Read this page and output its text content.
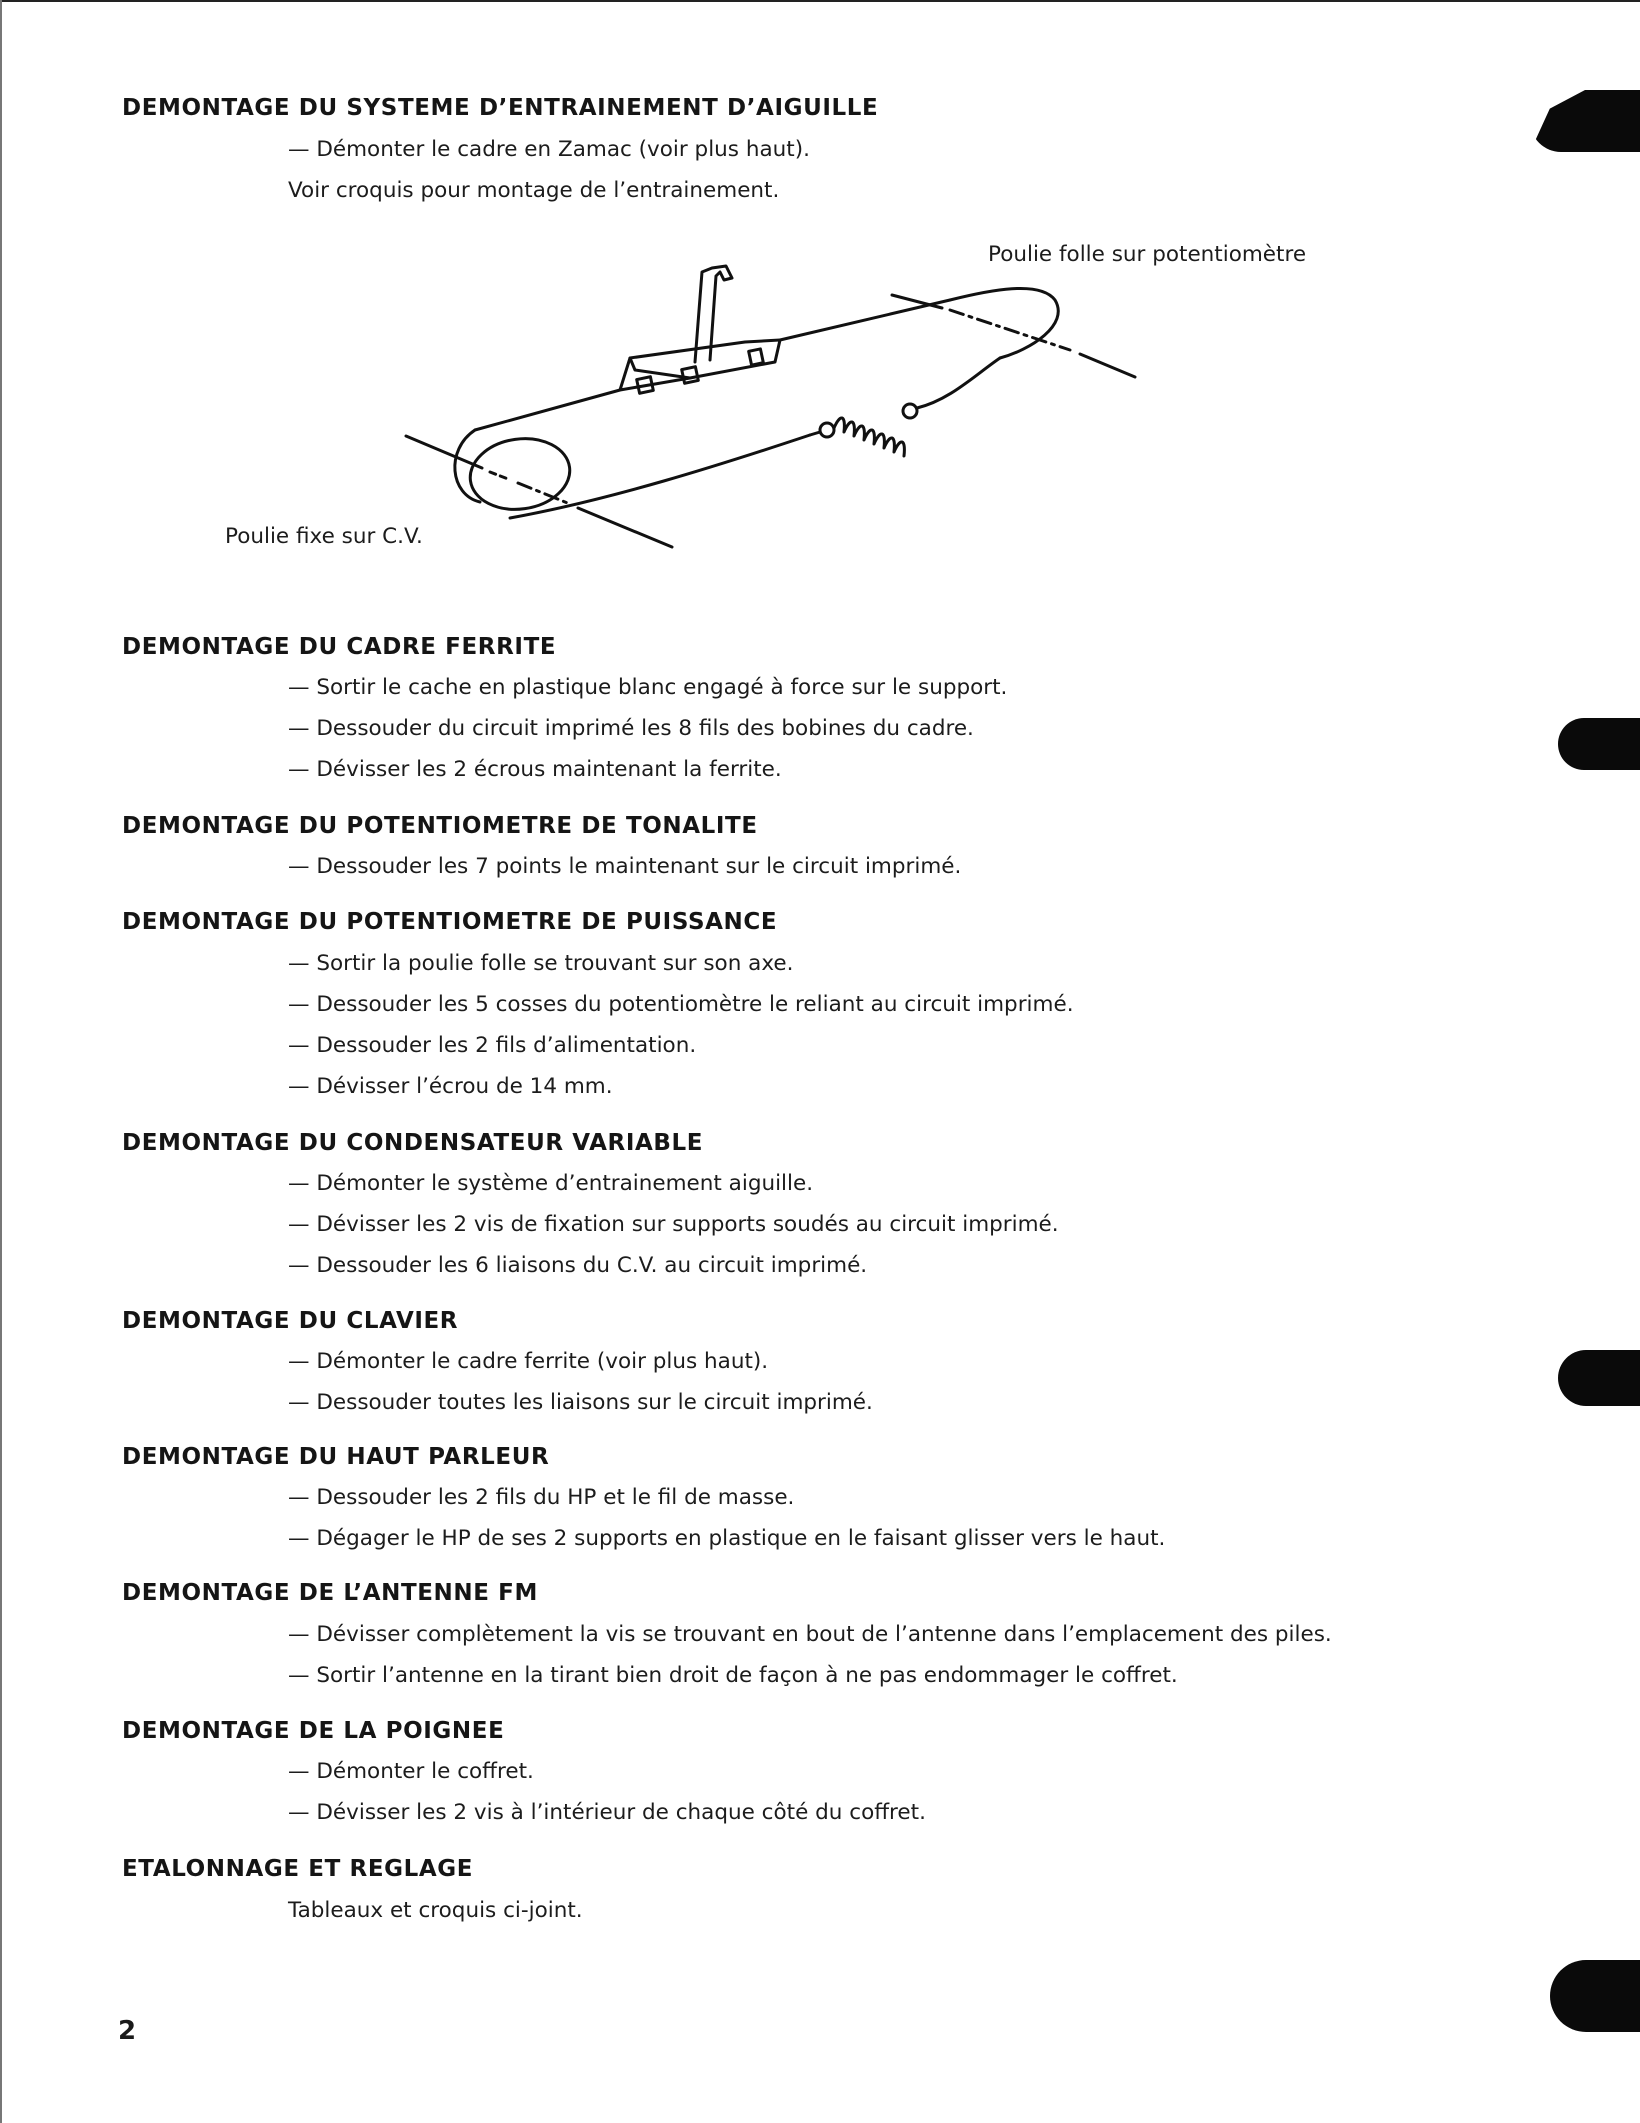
DEMONTAGE DU SYSTEME D’ENTRAINEMENT D’AIGUILLE

— Démonter le cadre en Zamac (voir plus haut).

Voir croquis pour montage de l’entrainement.

Poulie folle sur potentiomètre

Poulie fixe sur C.V.

DEMONTAGE DU CADRE FERRITE

— Sortir le cache en plastique blanc engagé à force sur le support.

— Dessouder du circuit imprimé les 8 fils des bobines du cadre.

— Dévisser les 2 écrous maintenant la ferrite.

DEMONTAGE DU POTENTIOMETRE DE TONALITE

— Dessouder les 7 points le maintenant sur le circuit imprimé.

DEMONTAGE DU POTENTIOMETRE DE PUISSANCE

— Sortir la poulie folle se trouvant sur son axe.

— Dessouder les 5 cosses du potentiomètre le reliant au circuit imprimé.

— Dessouder les 2 fils d’alimentation.

— Dévisser l’écrou de 14 mm.

DEMONTAGE DU CONDENSATEUR VARIABLE

— Démonter le système d’entrainement aiguille.

— Dévisser les 2 vis de fixation sur supports soudés au circuit imprimé.

— Dessouder les 6 liaisons du C.V. au circuit imprimé.

DEMONTAGE DU CLAVIER

— Démonter le cadre ferrite (voir plus haut).

— Dessouder toutes les liaisons sur le circuit imprimé.

DEMONTAGE DU HAUT PARLEUR

— Dessouder les 2 fils du HP et le fil de masse.

— Dégager le HP de ses 2 supports en plastique en le faisant glisser vers le haut.

DEMONTAGE DE L’ANTENNE FM

— Dévisser complètement la vis se trouvant en bout de l’antenne dans l’emplacement des piles.

— Sortir l’antenne en la tirant bien droit de façon à ne pas endommager le coffret.

DEMONTAGE DE LA POIGNEE

— Démonter le coffret.

— Dévisser les 2 vis à l’intérieur de chaque côté du coffret.

ETALONNAGE ET REGLAGE

Tableaux et croquis ci-joint.

2
